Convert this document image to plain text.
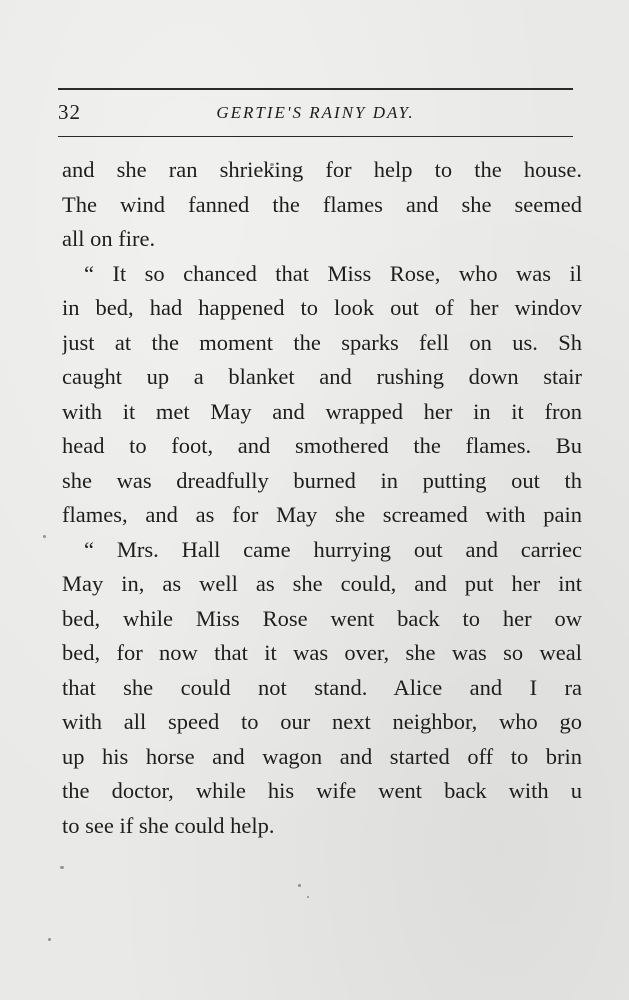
32	GERTIE'S RAINY DAY.
and she ran shrieking for help to the house.
The wind fanned the flames and she seemed
all on fire.
“ It so chanced that Miss Rose, who was il
in bed, had happened to look out of her windov
just at the moment the sparks fell on us. Sh
caught up a blanket and rushing down stair
with it met May and wrapped her in it fron
head to foot, and smothered the flames. Bu
she was dreadfully burned in putting out th
flames, and as for May she screamed with pain
“ Mrs. Hall came hurrying out and carriec
May in, as well as she could, and put her int
bed, while Miss Rose went back to her ow
bed, for now that it was over, she was so weal
that she could not stand. Alice and I ra
with all speed to our next neighbor, who go
up his horse and wagon and started off to brin
the doctor, while his wife went back with u
to see if she could help.
